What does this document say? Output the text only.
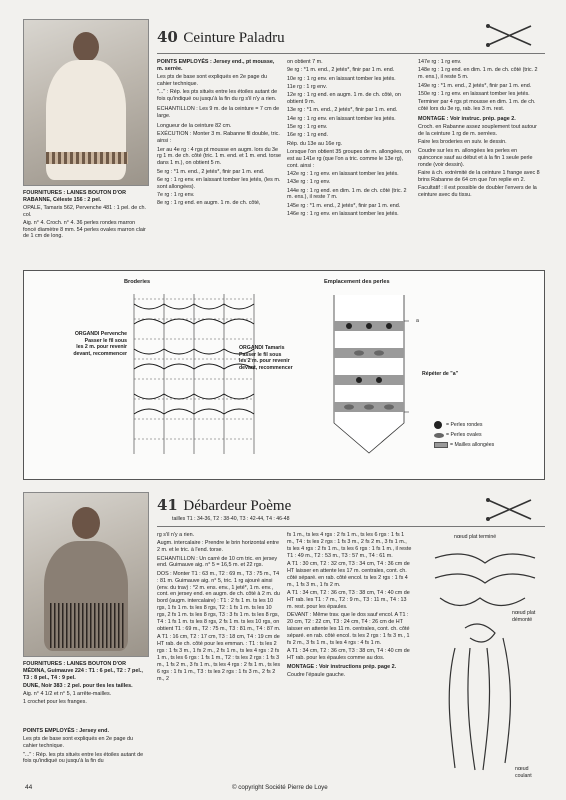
FOURNITURES : LAINES BOUTON D'OR RABANNE, Céleste 156 : 2 pel.

OPALE, Tamaris 562, Pervenche 481 : 1 pel. de ch. col.

Aig. n° 4. Croch. n° 4. 36 perles rondes marron foncé diamètre 8 mm. 54 perles ovales marron clair de 1 cm de long.

40 Ceinture Paladru

POINTS EMPLOYÉS : Jersey end., pt mousse, m. serrée.

Les pts de base sont expliqués en 2e page du cahier technique.

"..." : Rép. les pts situés entre les étoiles autant de fois qu'indiqué ou jusqu'à la fin du rg s'il n'y a rien.

ECHANTILLON : Les 9 m. de la ceinture = 7 cm de large.

Longueur de la ceinture 82 cm.

EXÉCUTION : Monter 3 m. Rabanne fil double, tric. ainsi :

1er au 4e rg : 4 rgs pt mousse en augm. lors du 3e rg 1 m. de ch. côté (tric. 1 m. end. et 1 m. end. torse dans 1 m.), on obtient 5 m.

5e rg : *1 m. end., 2 jetés*, finir par 1 m. end.

6e rg : 1 rg env. en laissant tomber les jetés, (les m. sont allongées).

7e rg : 1 rg env.

8e rg : 1 rg end. en augm. 1 m. de ch. côté,

on obtient 7 m.

9e rg : *1 m. end., 2 jetés*, finir par 1 m. end.

10e rg : 1 rg env. en laissant tomber les jetés.

11e rg : 1 rg env.

12e rg : 1 rg end. en augm. 1 m. de ch. côté, on obtient 9 m.

13e rg : *1 m. end., 2 jetés*, finir par 1 m. end.

14e rg : 1 rg env. en laissant tomber les jetés.

15e rg : 1 rg env.

16e rg : 1 rg end.

Rép. du 13e au 16e rg.

Lorsque l'on obtient 35 groupes de m. allongées, on est au 141e rg (que l'on a tric. comme le 13e rg), cont. ainsi :

142e rg : 1 rg env. en laissant tomber les jetés.

143e rg : 1 rg env.

144e rg : 1 rg end. en dim. 1 m. de ch. côté (tric. 2 m. ens.), il reste 7 m.

145e rg : *1 m. end., 2 jetés*, finir par 1 m. end.

146e rg : 1 rg env. en laissant tomber les jetés.

147e rg : 1 rg env.

148e rg : 1 rg end. en dim. 1 m. de ch. côté (tric. 2 m. ens.), il reste 5 m.

149e rg : *1 m. end., 2 jetés*, finir par 1 m. end.

150e rg : 1 rg env. en laissant tomber les jetés.

Terminer par 4 rgs pt mousse en dim. 1 m. de ch. côté lors du 3e rg, rab. les 3 m. rest.

MONTAGE : Voir instruc. prép. page 2.

Croch. en Rabanne assez souplement tout autour de la ceinture 1 rg de m. serrées.

Faire les broderies en suiv. le dessin.

Coudre sur les m. allongées les perles en quinconce sauf au début et à la fin 1 seule perle ronde (voir dessin).

Faire à ch. extrémité de la ceinture 1 frange avec 8 brins Rabanne de 64 cm que l'on replie en 2.

Facultatif : il est possible de doubler l'envers de la ceinture avec du tissu.

Broderies	Emplacement des perles
ORGANDI Pervenche
Passer le fil sous
les 2 m. pour revenir
devant, recommencer
ORGANDI Tamaris
Passer le fil sous
les 2 m. pour revenir
devant, recommencer
a
Répéter de "a"
= Perles rondes
= Perles ovales
= Mailles allongées

FOURNITURES : LAINES BOUTON D'OR MÉDINA, Guimauve 224 : T1 : 6 pel., T2 : 7 pel., T3 : 8 pel., T4 : 9 pel.

DUNE, Noir 383 : 2 pel. pour tles les tailles.

Aig. n° 4 1/2 et n° 5, 1 arrête-mailles.

1 crochet pour les franges.

POINTS EMPLOYÉS : Jersey end.

Les pts de base sont expliqués en 2e page du cahier technique.

"..." : Rép. les pts situés entre les étoiles autant de fois qu'indiqué ou jusqu'à la fin du

41 Débardeur Poème
tailles T1 : 34-36, T2 : 38-40, T3 : 42-44, T4 : 46-48

rg s'il n'y a rien.

Augm. intercalaire : Prendre le brin horizontal entre 2 m. et le tric. à l'end. torse.

ECHANTILLON : Un carré de 10 cm tric. en jersey end. Guimauve aig. n° 5 = 16,5 m. et 22 rgs.

DOS : Monter T1 : 63 m., T2 : 69 m., T3 : 75 m., T4 : 81 m. Guimauve aig. n° 5, tric. 1 rg ajouré ainsi (env. du trav) : *2 m. ens. env., 1 jeté*, 1 m. env., cont. en jersey end. en augm. de ch. côté à 2 m. du bord (augm. intercalaire) : T1 : 2 fs 1 m. ts les 10 rgs, 1 fs 1 m. ts les 8 rgs, T2 : 1 fs 1 m. ts les 10 rgs, 2 fs 1 m. ts les 8 rgs, T3 : 3 fs 1 m. ts les 8 rgs, T4 : 1 fs 1 m. ts les 8 rgs, 2 fs 1 m. ts les 10 rgs, on obtient T1 : 69 m., T2 : 75 m., T3 : 81 m., T4 : 87 m.

A T1 : 16 cm, T2 : 17 cm, T3 : 18 cm, T4 : 19 cm de HT rab. de ch. côté pour les emman. : T1 : ts les 2 rgs : 1 fs 3 m., 1 fs 2 m., 2 fs 1 m., ts les 4 rgs : 2 fs 1 m., ts les 6 rgs : 1 fs 1 m., T2 : ts les 2 rgs : 1 fs 3 m., 1 fs 2 m., 3 fs 1 m., ts les 4 rgs : 2 fs 1 m., ts les 6 rgs : 1 fs 1 m., T3 : ts les 2 rgs : 1 fs 3 m., 2 fs 2 m., 2

fs 1 m., ts les 4 rgs : 2 fs 1 m., ts les 6 rgs : 1 fs 1 m., T4 : ts les 2 rgs : 1 fs 3 m., 2 fs 2 m., 3 fs 1 m., ts les 4 rgs : 2 fs 1 m., ts les 6 rgs : 1 fs 1 m., il reste T1 : 49 m., T2 : 53 m., T3 : 57 m., T4 : 61 m.

A T1 : 30 cm, T2 : 32 cm, T3 : 34 cm, T4 : 36 cm de HT laisser en attente les 17 m. centrales, cont. ch. côté séparé. en rab. côté encol. ts les 2 rgs : 1 fs 4 m., 1 fs 3 m., 1 fs 2 m.

A T1 : 34 cm, T2 : 36 cm, T3 : 38 cm, T4 : 40 cm de HT rab. les T1 : 7 m., T2 : 9 m., T3 : 11 m., T4 : 13 m. rest. pour les épaules.

DEVANT : Même trav. que le dos sauf encol. A T1 : 20 cm, T2 : 22 cm, T3 : 24 cm, T4 : 26 cm de HT laisser en attente les 11 m. centrales, cont. ch. côté séparé. en rab. côté encol. ts les 2 rgs : 1 fs 3 m., 1 fs 2 m., 3 fs 1 m., ts les 4 rgs : 4 fs 1 m.

A T1 : 34 cm, T2 : 36 cm, T3 : 38 cm, T4 : 40 cm de HT rab. pour les épaules comme au dos.

MONTAGE : Voir instructions prép. page 2.

Coudre l'épaule gauche.

nœud plat terminé
nœud plat démonté
nœud coulant
44	© copyright Société Pierre de Loye
